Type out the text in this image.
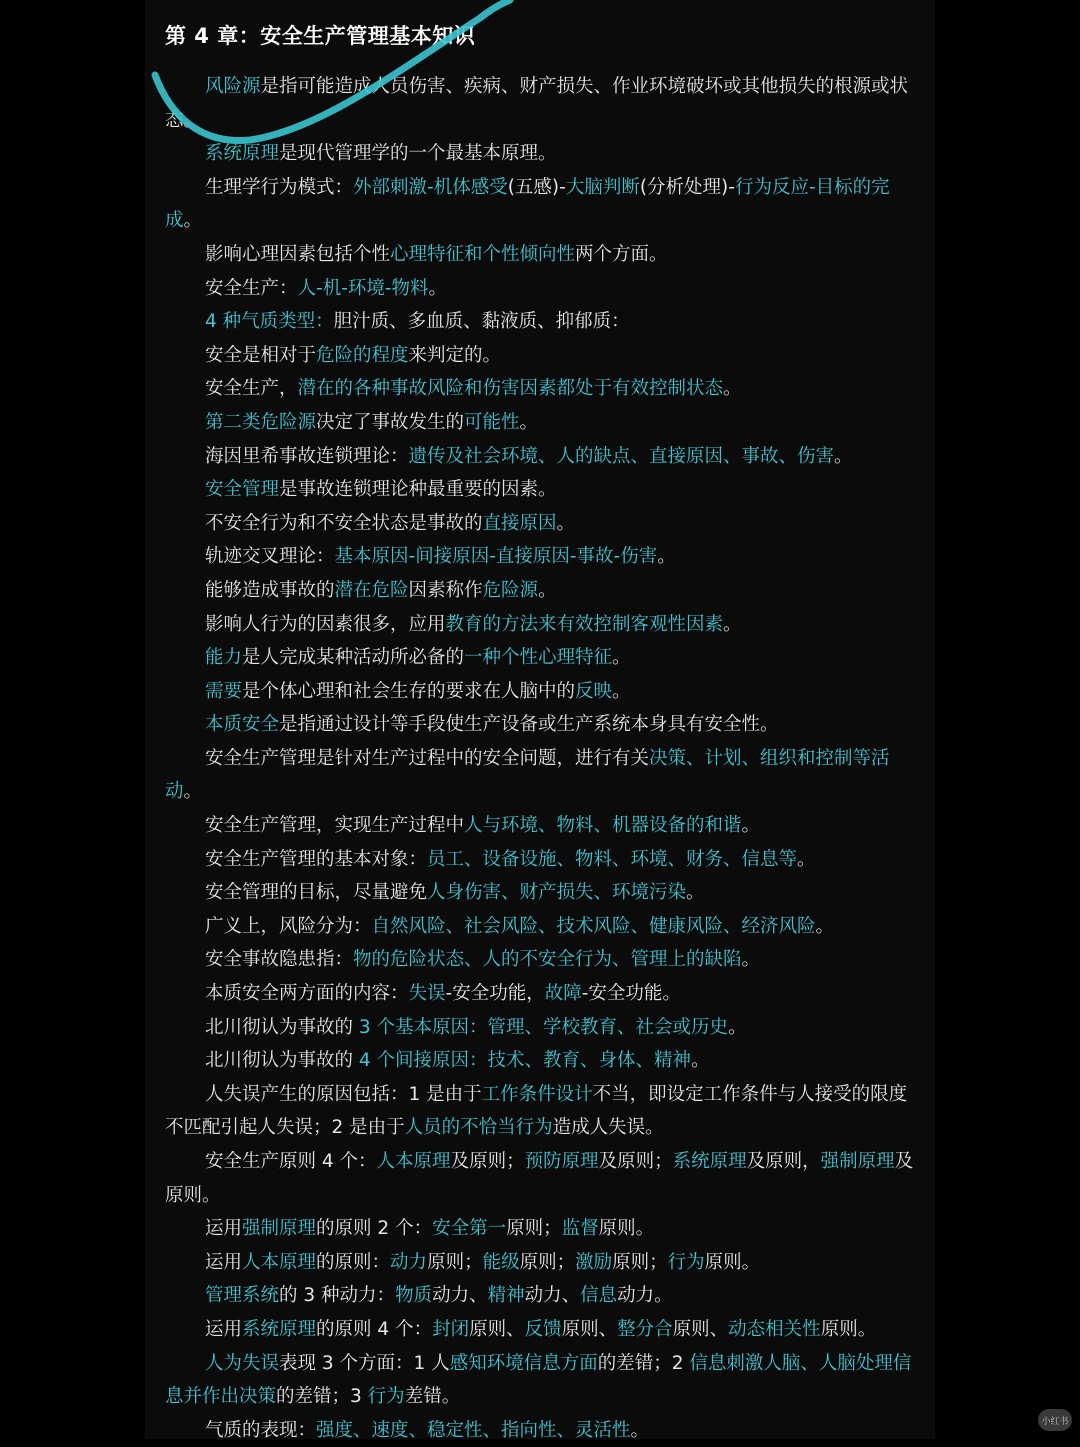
第 4 章：安全生产管理基本知识

风险源是指可能造成人员伤害、疾病、财产损失、作业环境破坏或其他损失的根源或状态。

系统原理是现代管理学的一个最基本原理。

生理学行为模式：外部刺激-机体感受(五感)-大脑判断(分析处理)-行为反应-目标的完成。

影响心理因素包括个性心理特征和个性倾向性两个方面。

安全生产：人-机-环境-物料。

4 种气质类型：胆汁质、多血质、黏液质、抑郁质：

安全是相对于危险的程度来判定的。

安全生产，潜在的各种事故风险和伤害因素都处于有效控制状态。

第二类危险源决定了事故发生的可能性。

海因里希事故连锁理论：遗传及社会环境、人的缺点、直接原因、事故、伤害。

安全管理是事故连锁理论种最重要的因素。

不安全行为和不安全状态是事故的直接原因。

轨迹交叉理论：基本原因-间接原因-直接原因-事故-伤害。

能够造成事故的潜在危险因素称作危险源。

影响人行为的因素很多，应用教育的方法来有效控制客观性因素。

能力是人完成某种活动所必备的一种个性心理特征。

需要是个体心理和社会生存的要求在人脑中的反映。

本质安全是指通过设计等手段使生产设备或生产系统本身具有安全性。

安全生产管理是针对生产过程中的安全问题，进行有关决策、计划、组织和控制等活动。

安全生产管理，实现生产过程中人与环境、物料、机器设备的和谐。

安全生产管理的基本对象：员工、设备设施、物料、环境、财务、信息等。

安全管理的目标，尽量避免人身伤害、财产损失、环境污染。

广义上，风险分为：自然风险、社会风险、技术风险、健康风险、经济风险。

安全事故隐患指：物的危险状态、人的不安全行为、管理上的缺陷。

本质安全两方面的内容：失误-安全功能，故障-安全功能。

北川彻认为事故的 3 个基本原因：管理、学校教育、社会或历史。

北川彻认为事故的 4 个间接原因：技术、教育、身体、精神。

人失误产生的原因包括：1 是由于工作条件设计不当，即设定工作条件与人接受的限度不匹配引起人失误；2 是由于人员的不恰当行为造成人失误。

安全生产原则 4 个：人本原理及原则；预防原理及原则；系统原理及原则，强制原理及原则。

运用强制原理的原则 2 个：安全第一原则；监督原则。

运用人本原理的原则：动力原则；能级原则；激励原则；行为原则。

管理系统的 3 种动力：物质动力、精神动力、信息动力。

运用系统原理的原则 4 个：封闭原则、反馈原则、整分合原则、动态相关性原则。

人为失误表现 3 个方面：1 人感知环境信息方面的差错；2 信息刺激人脑、人脑处理信息并作出决策的差错；3 行为差错。

气质的表现：强度、速度、稳定性、指向性、灵活性。	小红书
